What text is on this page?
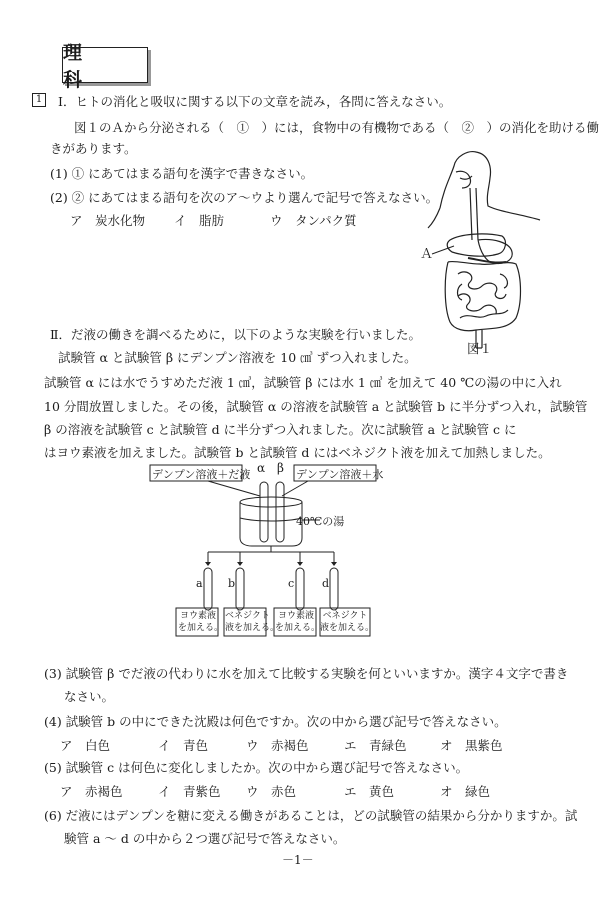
理　科
1	Ⅰ．ヒトの消化と吸収に関する以下の文章を読み，各問に答えなさい。
図１のＡから分泌される（　①　）には，食物中の有機物である（　②　）の消化を助ける働
きがあります。
(1) ① にあてはまる語句を漢字で書きなさい。
(2) ② にあてはまる語句を次のア～ウより選んで記号で答えなさい。
ア　炭水化物 イ　脂肪	ウ　タンパク質
Ａ
図１
Ⅱ．だ液の働きを調べるために，以下のような実験を行いました。
試験管 α と試験管 β にデンプン溶液を 10 ㎤ ずつ入れました。
試験管 α には水でうすめただ液 1 ㎤，試験管 β には水 1 ㎤ を加えて 40 ℃の湯の中に入れ
10 分間放置しました。その後，試験管 α の溶液を試験管 a と試験管 b に半分ずつ入れ，試験管
β の溶液を試験管 c と試験管 d に半分ずつ入れました。次に試験管 a と試験管 c に
はヨウ素液を加えました。試験管 b と試験管 d にはベネジクト液を加えて加熱しました。
デンプン溶液＋だ液	デンプン溶液＋水
α β
40℃の湯
a b	c	d
ヨウ素液
を加える。
ベネジクト
液を加える。
ヨウ素液
を加える。
ベネジクト
液を加える。
(3) 試験管 β でだ液の代わりに水を加えて比較する実験を何といいますか。漢字４文字で書き
なさい。
(4) 試験管 b の中にできた沈殿は何色ですか。次の中から選び記号で答えなさい。
ア　白色	イ　青色	ウ　赤褐色	エ　青緑色	オ　黒紫色
(5) 試験管 c は何色に変化しましたか。次の中から選び記号で答えなさい。
ア　赤褐色	イ　青紫色 ウ　赤色	エ　黄色	オ　緑色
(6) だ液にはデンプンを糖に変える働きがあることは，どの試験管の結果から分かりますか。試
験管 a ～ d の中から２つ選び記号で答えなさい。
－1－
